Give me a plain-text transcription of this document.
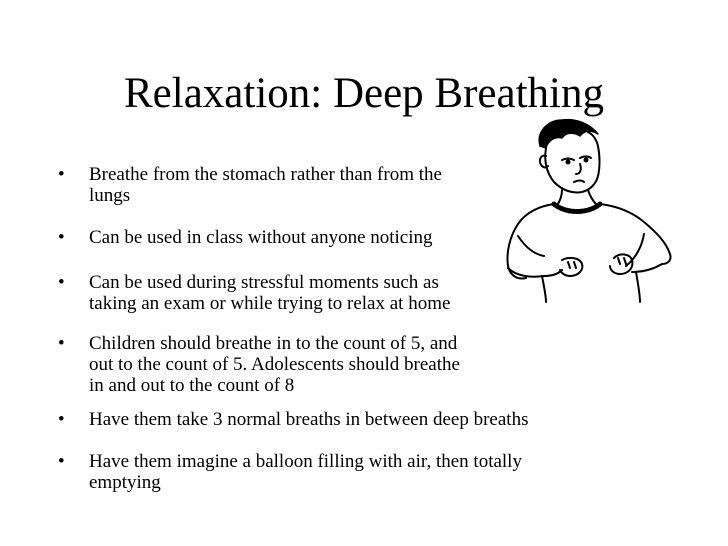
Relaxation: Deep Breathing
• Breathe from the stomach rather than from the
lungs
• Can be used in class without anyone noticing
• Can be used during stressful moments such as
taking an exam or while trying to relax at home
• Children should breathe in to the count of 5, and
out to the count of 5. Adolescents should breathe
in and out to the count of 8
• Have them take 3 normal breaths in between deep breaths
• Have them imagine a balloon filling with air, then totally
emptying
